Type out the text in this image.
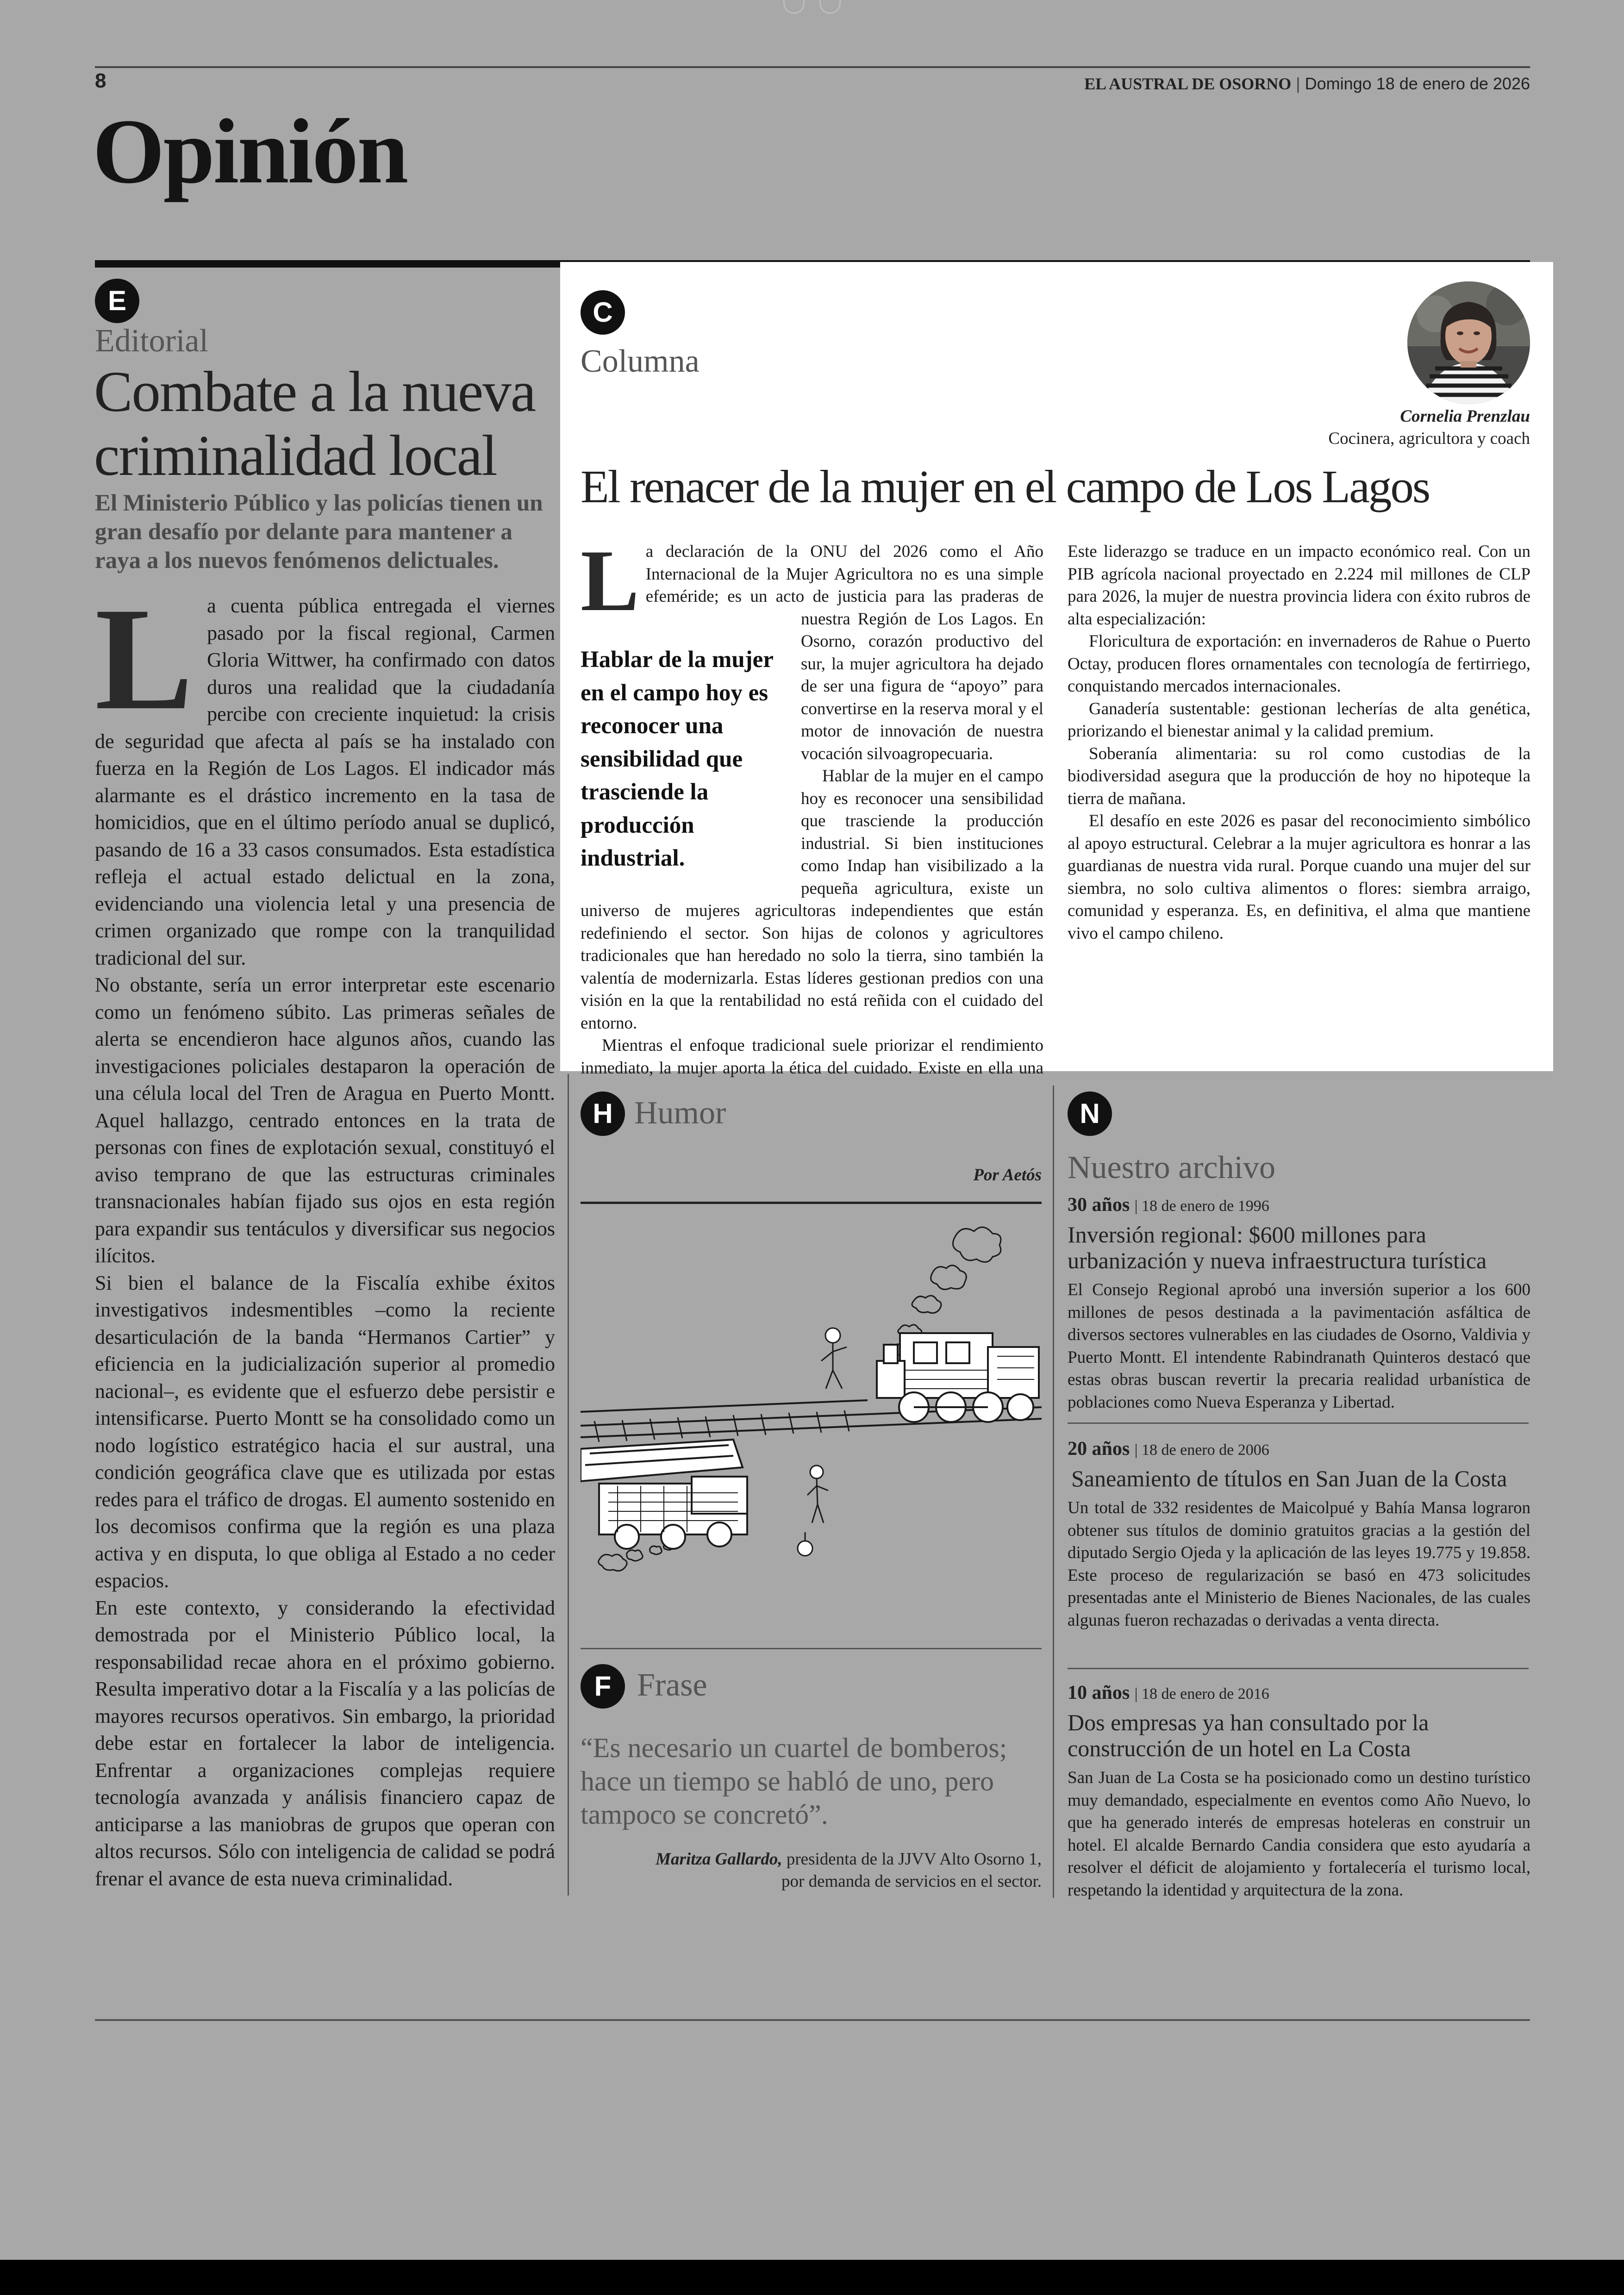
8	EL AUSTRAL DE OSORNO | Domingo 18 de enero de 2026
Opinión
E
Editorial
Combate a la nueva
criminalidad local
El Ministerio Público y las policías tienen un gran desafío por delante para mantener a raya a los nuevos fenómenos delictuales.
L a cuenta pública entregada el viernes pasado por la fiscal regional, Carmen Gloria Wittwer, ha confirmado con datos duros una realidad que la ciudadanía percibe con creciente inquietud: la crisis de seguridad que afecta al país se ha instalado con fuerza en la Región de Los Lagos. El indicador más alarmante es el drástico incremento en la tasa de homicidios, que en el último período anual se duplicó, pasando de 16 a 33 casos consumados. Esta estadística refleja el actual estado delictual en la zona, evidenciando una violencia letal y una presencia de crimen organizado que rompe con la tranquilidad tradicional del sur.

No obstante, sería un error interpretar este escenario como un fenómeno súbito. Las primeras señales de alerta se encendieron hace algunos años, cuando las investigaciones policiales destaparon la operación de una célula local del Tren de Aragua en Puerto Montt. Aquel hallazgo, centrado entonces en la trata de personas con fines de explotación sexual, constituyó el aviso temprano de que las estructuras criminales transnacionales habían fijado sus ojos en esta región para expandir sus tentáculos y diversificar sus negocios ilícitos.

Si bien el balance de la Fiscalía exhibe éxitos investigativos indesmentibles –como la reciente desarticulación de la banda “Hermanos Cartier” y eficiencia en la judicialización superior al promedio nacional–, es evidente que el esfuerzo debe persistir e intensificarse. Puerto Montt se ha consolidado como un nodo logístico estratégico hacia el sur austral, una condición geográfica clave que es utilizada por estas redes para el tráfico de drogas. El aumento sostenido en los decomisos confirma que la región es una plaza activa y en disputa, lo que obliga al Estado a no ceder espacios.

En este contexto, y considerando la efectividad demostrada por el Ministerio Público local, la responsabilidad recae ahora en el próximo gobierno. Resulta imperativo dotar a la Fiscalía y a las policías de mayores recursos operativos. Sin embargo, la prioridad debe estar en fortalecer la labor de inteligencia. Enfrentar a organizaciones complejas requiere tecnología avanzada y análisis financiero capaz de anticiparse a las maniobras de grupos que operan con altos recursos. Sólo con inteligencia de calidad se podrá frenar el avance de esta nueva criminalidad.

C
Columna
Cornelia Prenzlau
Cocinera, agricultora y coach
El renacer de la mujer en el campo de Los Lagos
L
Hablar de la mujer en el campo hoy es reconocer una sensibilidad que trasciende la producción industrial.

a declaración de la ONU del 2026 como el Año Internacional de la Mujer Agricultora no es una simple efeméride; es un acto de justicia para las praderas de nuestra Región de Los Lagos. En Osorno, corazón productivo del sur, la mujer agricultora ha dejado de ser una figura de “apoyo” para convertirse en la reserva moral y el motor de innovación de nuestra vocación silvoagropecuaria.

Hablar de la mujer en el campo hoy es reconocer una sensibilidad que trasciende la producción industrial. Si bien instituciones como Indap han visibilizado a la pequeña agricultura, existe un universo de mujeres agricultoras independientes que están redefiniendo el sector. Son hijas de colonos y agricultores tradicionales que han heredado no solo la tierra, sino también la valentía de modernizarla. Estas líderes gestionan predios con una visión en la que la rentabilidad no está reñida con el cuidado del entorno.

Mientras el enfoque tradicional suele priorizar el rendimiento inmediato, la mujer aporta la ética del cuidado. Existe en ella una

Este liderazgo se traduce en un impacto económico real. Con un PIB agrícola nacional proyectado en 2.224 mil millones de CLP para 2026, la mujer de nuestra provincia lidera con éxito rubros de alta especialización:

Floricultura de exportación: en invernaderos de Rahue o Puerto Octay, producen flores ornamentales con tecnología de fertirriego, conquistando mercados internacionales.

Ganadería sustentable: gestionan lecherías de alta genética, priorizando el bienestar animal y la calidad premium.

Soberanía alimentaria: su rol como custodias de la biodiversidad asegura que la producción de hoy no hipoteque la tierra de mañana.

El desafío en este 2026 es pasar del reconocimiento simbólico al apoyo estructural. Celebrar a la mujer agricultora es honrar a las guardianas de nuestra vida rural. Porque cuando una mujer del sur siembra, no solo cultiva alimentos o flores: siembra arraigo, comunidad y esperanza. Es, en definitiva, el alma que mantiene vivo el campo chileno.

H Humor
Por Aetós
F Frase
“Es necesario un cuartel de bomberos; hace un tiempo se habló de uno, pero tampoco se concretó”.
Maritza Gallardo, presidenta de la JJVV Alto Osorno 1,
por demanda de servicios en el sector.
N
Nuestro archivo
30 años | 18 de enero de 1996
Inversión regional: $600 millones para urbanización y nueva infraestructura turística

El Consejo Regional aprobó una inversión superior a los 600 millones de pesos destinada a la pavimentación asfáltica de diversos sectores vulnerables en las ciudades de Osorno, Valdivia y Puerto Montt. El intendente Rabindranath Quinteros destacó que estas obras buscan revertir la precaria realidad urbanística de poblaciones como Nueva Esperanza y Libertad.

20 años | 18 de enero de 2006
Saneamiento de títulos en San Juan de la Costa

Un total de 332 residentes de Maicolpué y Bahía Mansa lograron obtener sus títulos de dominio gratuitos gracias a la gestión del diputado Sergio Ojeda y la aplicación de las leyes 19.775 y 19.858. Este proceso de regularización se basó en 473 solicitudes presentadas ante el Ministerio de Bienes Nacionales, de las cuales algunas fueron rechazadas o derivadas a venta directa.

10 años | 18 de enero de 2016
Dos empresas ya han consultado por la construcción de un hotel en La Costa

San Juan de La Costa se ha posicionado como un destino turístico muy demandado, especialmente en eventos como Año Nuevo, lo que ha generado interés de empresas hoteleras en construir un hotel. El alcalde Bernardo Candia considera que esto ayudaría a resolver el déficit de alojamiento y fortalecería el turismo local, respetando la identidad y arquitectura de la zona.
